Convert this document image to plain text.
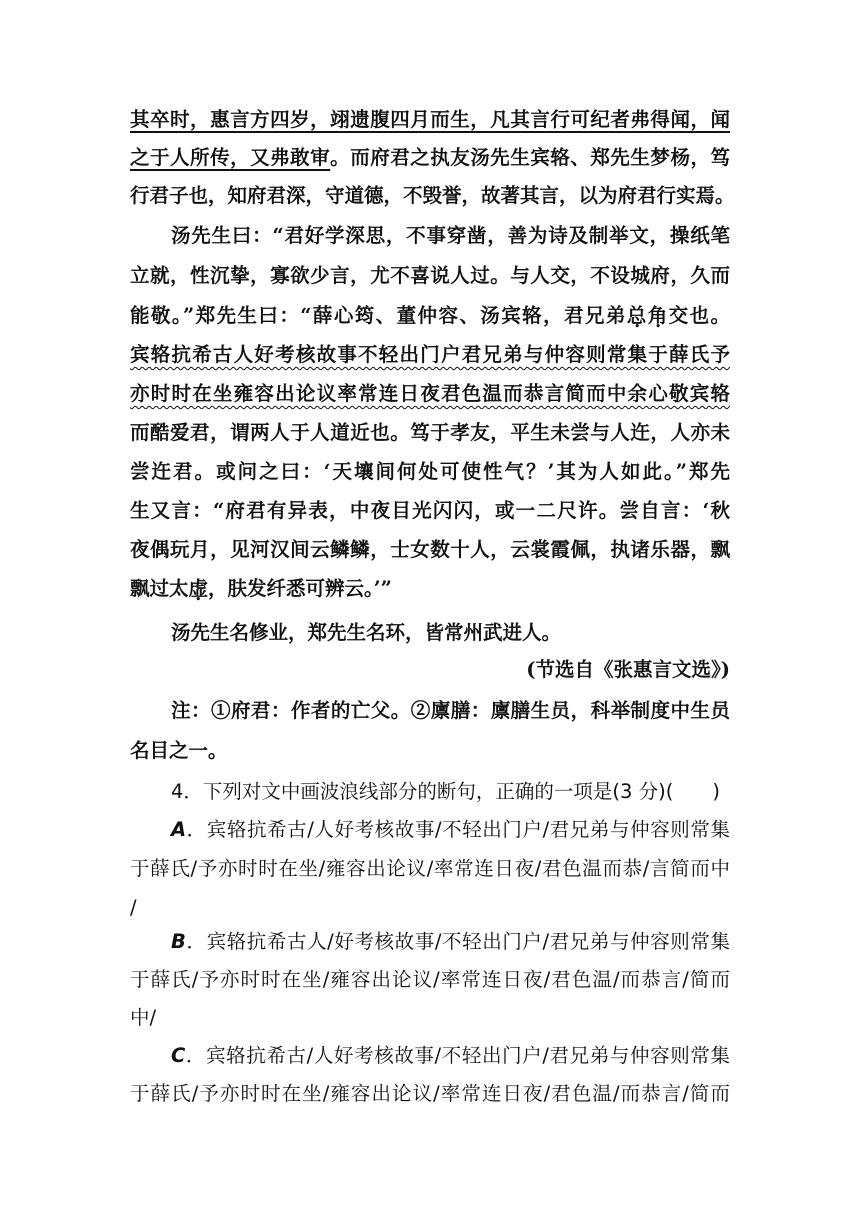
其卒时，惠言方四岁，翊遗腹四月而生，凡其言行可纪者弗得闻，闻
之于人所传，又弗敢审。而府君之执友汤先生宾辂、郑先生梦杨，笃
行君子也，知府君深，守道德，不毁誉，故著其言，以为府君行实焉。
汤先生曰：“君好学深思，不事穿凿，善为诗及制举文，操纸笔
立就，性沉挚，寡欲少言，尤不喜说人过。与人交，不设城府，久而
能敬。”郑先生曰：“薛心筠、董仲容、汤宾辂，君兄弟总角交也。
宾辂抗希古人好考核故事不轻出门户君兄弟与仲容则常集于薛氏予
亦时时在坐雍容出论议率常连日夜君色温而恭言简而中余心敬宾辂
而酷爱君，谓两人于人道近也。笃于孝友，平生未尝与人迕，人亦未
尝迕君。或问之曰：‘天壤间何处可使性气？’其为人如此。”郑先
生又言：“府君有异表，中夜目光闪闪，或一二尺许。尝自言：‘秋
夜偶玩月，见河汉间云鳞鳞，士女数十人，云裳霞佩，执诸乐器，飘
飘过太虚，肤发纤悉可辨云。’”
汤先生名修业，郑先生名环，皆常州武进人。
(节选自《张惠言文选》)
注：①府君：作者的亡父。②廪膳：廪膳生员，科举制度中生员
名目之一。
4．下列对文中画波浪线部分的断句，正确的一项是(3 分)(　　)
A．宾辂抗希古/人好考核故事/不轻出门户/君兄弟与仲容则常集
于薛氏/予亦时时在坐/雍容出论议/率常连日夜/君色温而恭/言简而中
/
B．宾辂抗希古人/好考核故事/不轻出门户/君兄弟与仲容则常集
于薛氏/予亦时时在坐/雍容出论议/率常连日夜/君色温/而恭言/简而
中/
C．宾辂抗希古/人好考核故事/不轻出门户/君兄弟与仲容则常集
于薛氏/予亦时时在坐/雍容出论议/率常连日夜/君色温/而恭言/简而
